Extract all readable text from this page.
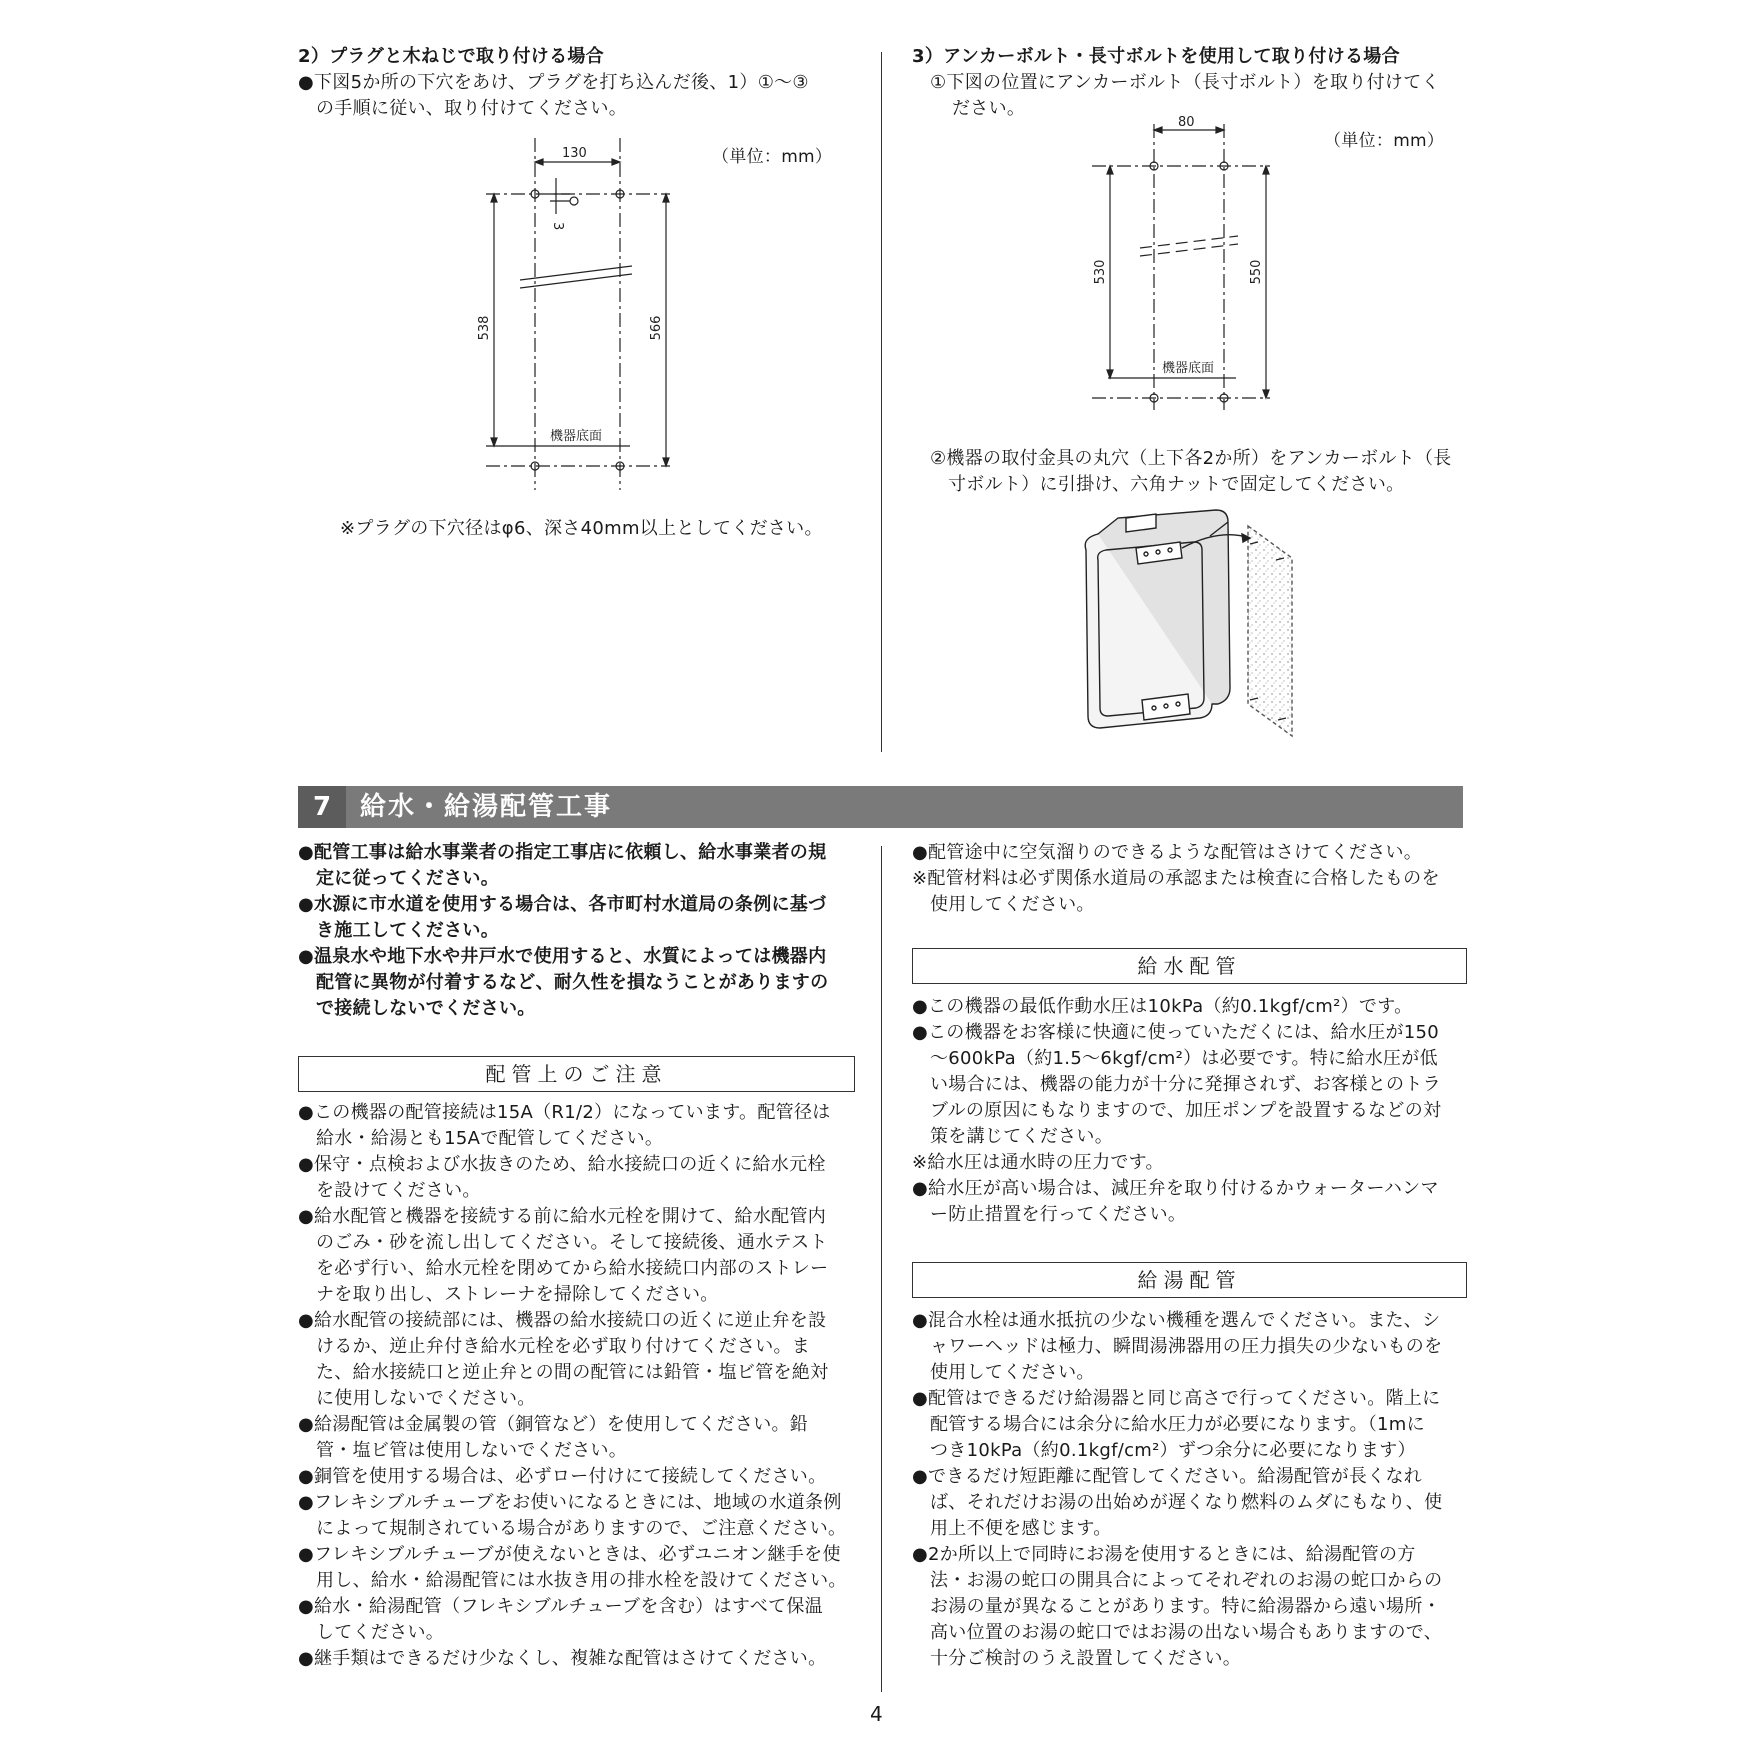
2）プラグと木ねじで取り付ける場合

●下図5か所の下穴をあけ、プラグを打ち込んだ後、1）①～③

の手順に従い、取り付けてください。

（単位：mm）
130
3
538	566
機器底面
※プラグの下穴径はφ6、深さ40mm以上としてください。

3）アンカーボルト・長寸ボルトを使用して取り付ける場合

①下図の位置にアンカーボルト（長寸ボルト）を取り付けてく

ださい。

（単位：mm）
80
530	550
機器底面

②機器の取付金具の丸穴（上下各2か所）をアンカーボルト（長

寸ボルト）に引掛け、六角ナットで固定してください。

7	給水・給湯配管工事

●配管工事は給水事業者の指定工事店に依頼し、給水事業者の規

定に従ってください。

●水源に市水道を使用する場合は、各市町村水道局の条例に基づ

き施工してください。

●温泉水や地下水や井戸水で使用すると、水質によっては機器内

配管に異物が付着するなど、耐久性を損なうことがありますの

で接続しないでください。

配管上のご注意

●この機器の配管接続は15A（R1/2）になっています。配管径は

給水・給湯とも15Aで配管してください。

●保守・点検および水抜きのため、給水接続口の近くに給水元栓

を設けてください。

●給水配管と機器を接続する前に給水元栓を開けて、給水配管内

のごみ・砂を流し出してください。そして接続後、通水テスト

を必ず行い、給水元栓を閉めてから給水接続口内部のストレー

ナを取り出し、ストレーナを掃除してください。

●給水配管の接続部には、機器の給水接続口の近くに逆止弁を設

けるか、逆止弁付き給水元栓を必ず取り付けてください。ま

た、給水接続口と逆止弁との間の配管には鉛管・塩ビ管を絶対

に使用しないでください。

●給湯配管は金属製の管（銅管など）を使用してください。鉛

管・塩ビ管は使用しないでください。

●銅管を使用する場合は、必ずロー付けにて接続してください。

●フレキシブルチューブをお使いになるときには、地域の水道条例

によって規制されている場合がありますので、ご注意ください。

●フレキシブルチューブが使えないときは、必ずユニオン継手を使

用し、給水・給湯配管には水抜き用の排水栓を設けてください。

●給水・給湯配管（フレキシブルチューブを含む）はすべて保温

してください。

●継手類はできるだけ少なくし、複雑な配管はさけてください。

●配管途中に空気溜りのできるような配管はさけてください。

※配管材料は必ず関係水道局の承認または検査に合格したものを

使用してください。

給水配管

●この機器の最低作動水圧は10kPa（約0.1kgf/cm²）です。

●この機器をお客様に快適に使っていただくには、給水圧が150

～600kPa（約1.5～6kgf/cm²）は必要です。特に給水圧が低

い場合には、機器の能力が十分に発揮されず、お客様とのトラ

ブルの原因にもなりますので、加圧ポンプを設置するなどの対

策を講じてください。

※給水圧は通水時の圧力です。

●給水圧が高い場合は、減圧弁を取り付けるかウォーターハンマ

ー防止措置を行ってください。

給湯配管

●混合水栓は通水抵抗の少ない機種を選んでください。また、シ

ャワーヘッドは極力、瞬間湯沸器用の圧力損失の少ないものを

使用してください。

●配管はできるだけ給湯器と同じ高さで行ってください。階上に

配管する場合には余分に給水圧力が必要になります。（1mに

つき10kPa（約0.1kgf/cm²）ずつ余分に必要になります）

●できるだけ短距離に配管してください。給湯配管が長くなれ

ば、それだけお湯の出始めが遅くなり燃料のムダにもなり、使

用上不便を感じます。

●2か所以上で同時にお湯を使用するときには、給湯配管の方

法・お湯の蛇口の開具合によってそれぞれのお湯の蛇口からの

お湯の量が異なることがあります。特に給湯器から遠い場所・

高い位置のお湯の蛇口ではお湯の出ない場合もありますので、

十分ご検討のうえ設置してください。

4
